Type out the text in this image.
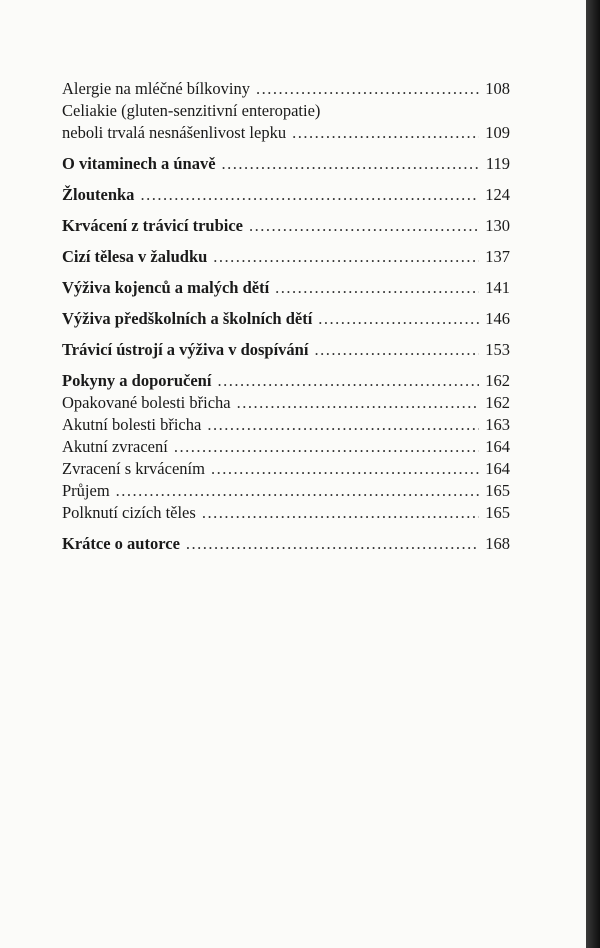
Alergie na mléčné bílkoviny .....	108
Celiakie (gluten-senzitivní enteropatie)
neboli trvalá nesnášenlivost lepku .....	109
O vitaminech a únavě .....	119
Žloutenka .....	124
Krvácení z trávicí trubice .....	130
Cizí tělesa v žaludku .....	137
Výživa kojenců a malých dětí .....	141
Výživa předškolních a školních dětí .....	146
Trávicí ústrojí a výživa v dospívání .....	153
Pokyny a doporučení .....	162
Opakované bolesti břicha .....	162
Akutní bolesti břicha .....	163
Akutní zvracení .....	164
Zvracení s krvácením .....	164
Průjem .....	165
Polknutí cizích těles .....	165
Krátce o autorce .....	168
